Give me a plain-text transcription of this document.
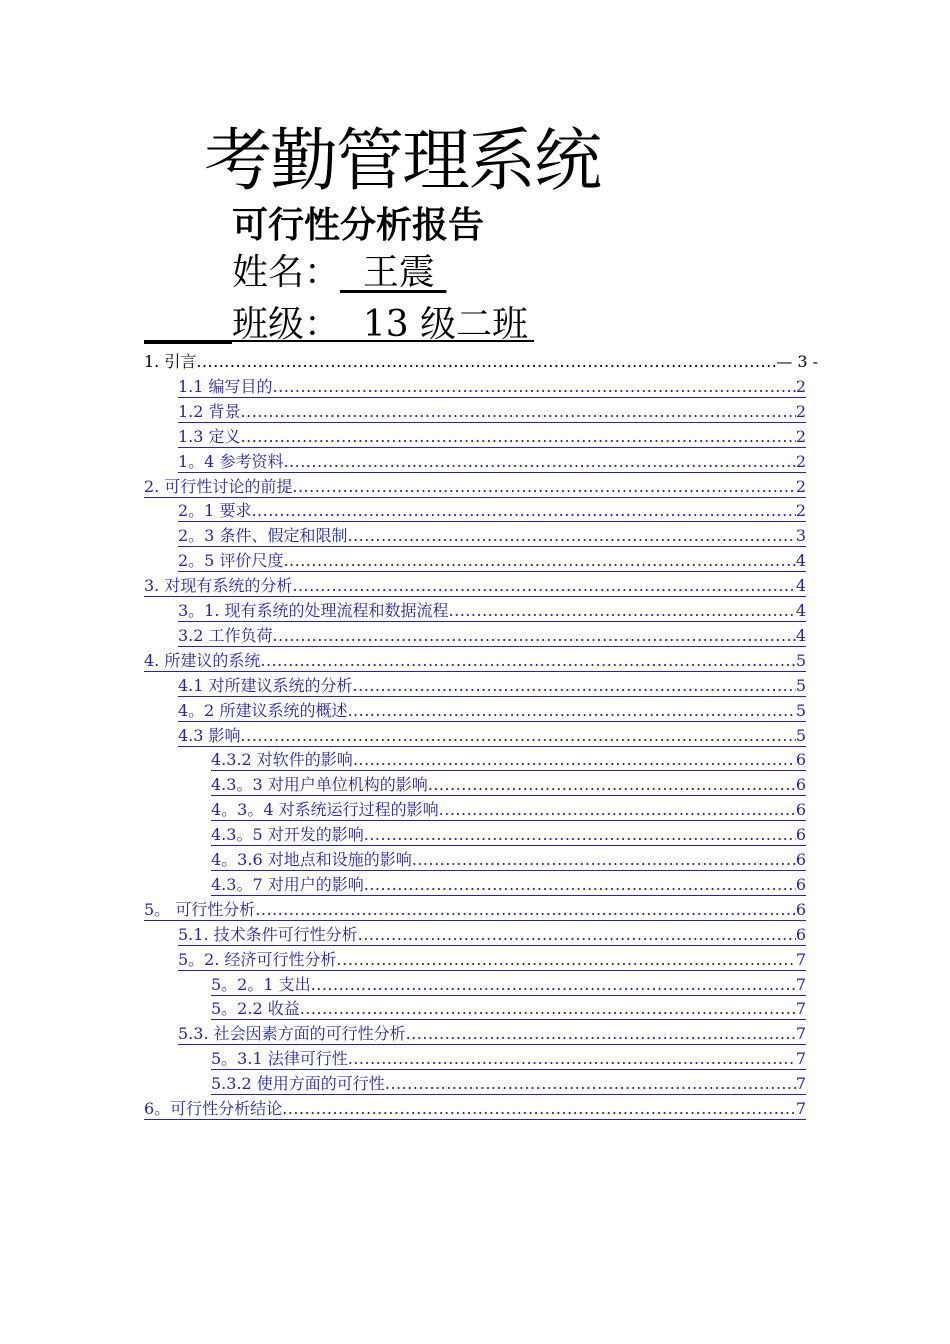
考勤管理系统
可行性分析报告
姓名： 王震
班级： 13 级二班
1. 引言 .....	— 3 -
1.1 编写目的 .....	2
1.2 背景 .....	2
1.3 定义 .....	2
1。4 参考资料 .....	2
2. 可行性讨论的前提 .....	2
2。1 要求 .....	2
2。3 条件、假定和限制 .....	3
2。5 评价尺度 .....	4
3. 对现有系统的分析 .....	4
3。1. 现有系统的处理流程和数据流程 .....	4
3.2 工作负荷 .....	4
4. 所建议的系统 .....	5
4.1 对所建议系统的分析 .....	5
4。2 所建议系统的概述 .....	5
4.3 影响 .....	5
4.3.2 对软件的影响 .....	6
4.3。3 对用户单位机构的影响 .....	6
4。3。4 对系统运行过程的影响 .....	6
4.3。5 对开发的影响 .....	6
4。3.6 对地点和设施的影响 .....	6
4.3。7 对用户的影响 .....	6
5。 可行性分析 .....	6
5.1. 技术条件可行性分析 .....	6
5。2. 经济可行性分析 .....	7
5。2。1 支出 .....	7
5。2.2 收益 .....	7
5.3. 社会因素方面的可行性分析 .....	7
5。3.1 法律可行性 .....	7
5.3.2 使用方面的可行性 .....	7
6。可行性分析结论 .....	7
